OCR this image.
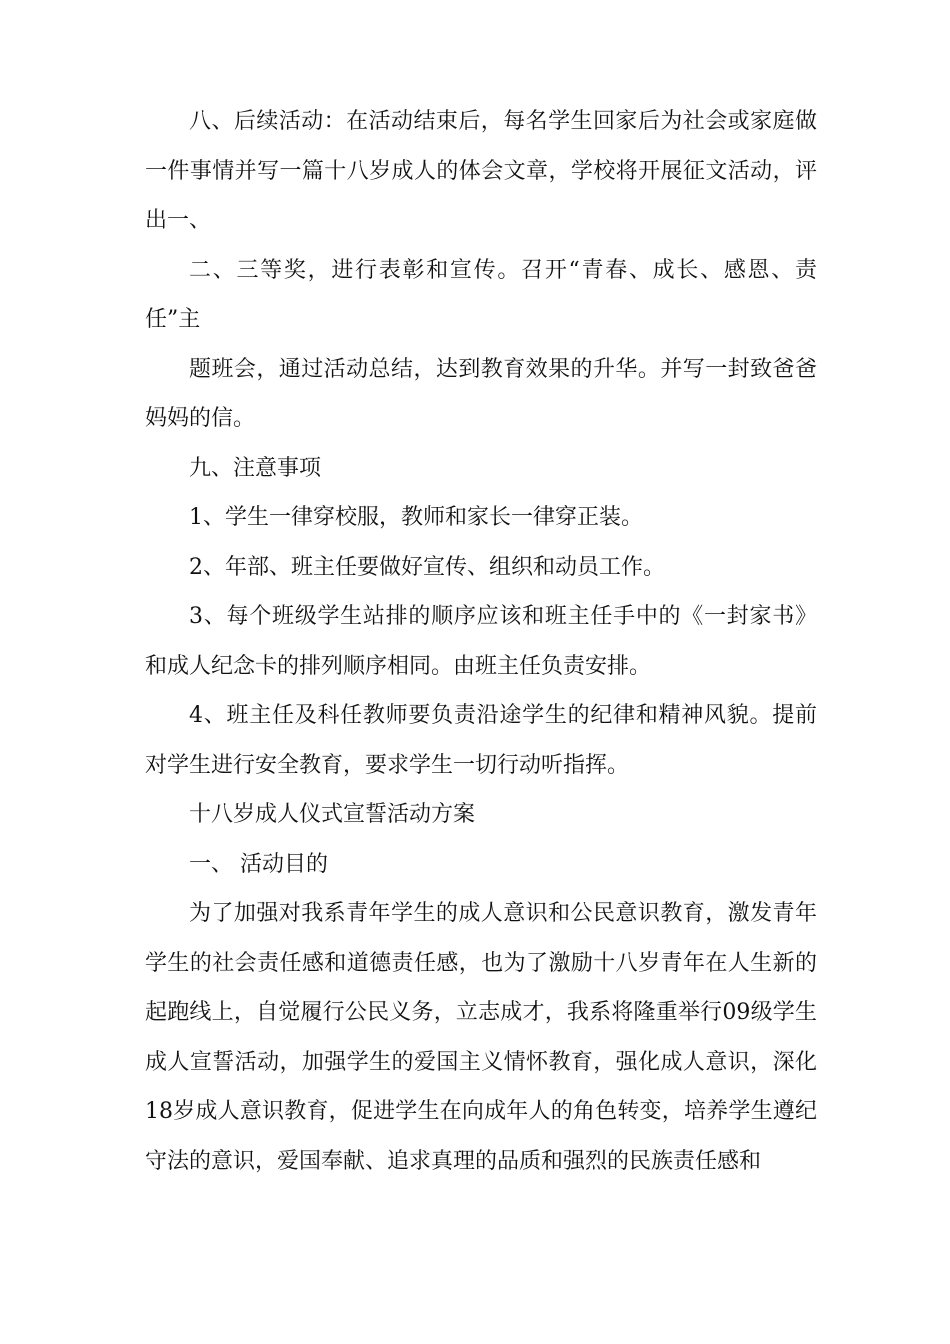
八、后续活动：在活动结束后，每名学生回家后为社会或家庭做一件事情并写一篇十八岁成人的体会文章，学校将开展征文活动，评出一、

二、三等奖，进行表彰和宣传。召开“青春、成长、感恩、责任”主

题班会，通过活动总结，达到教育效果的升华。并写一封致爸爸妈妈的信。

九、注意事项

1、学生一律穿校服，教师和家长一律穿正装。

2、年部、班主任要做好宣传、组织和动员工作。

3、每个班级学生站排的顺序应该和班主任手中的《一封家书》和成人纪念卡的排列顺序相同。由班主任负责安排。

4、班主任及科任教师要负责沿途学生的纪律和精神风貌。提前对学生进行安全教育，要求学生一切行动听指挥。

十八岁成人仪式宣誓活动方案

一、 活动目的

为了加强对我系青年学生的成人意识和公民意识教育，激发青年学生的社会责任感和道德责任感，也为了激励十八岁青年在人生新的起跑线上，自觉履行公民义务，立志成才，我系将隆重举行09级学生成人宣誓活动，加强学生的爱国主义情怀教育，强化成人意识，深化18岁成人意识教育，促进学生在向成年人的角色转变，培养学生遵纪守法的意识，爱国奉献、追求真理的品质和强烈的民族责任感和
